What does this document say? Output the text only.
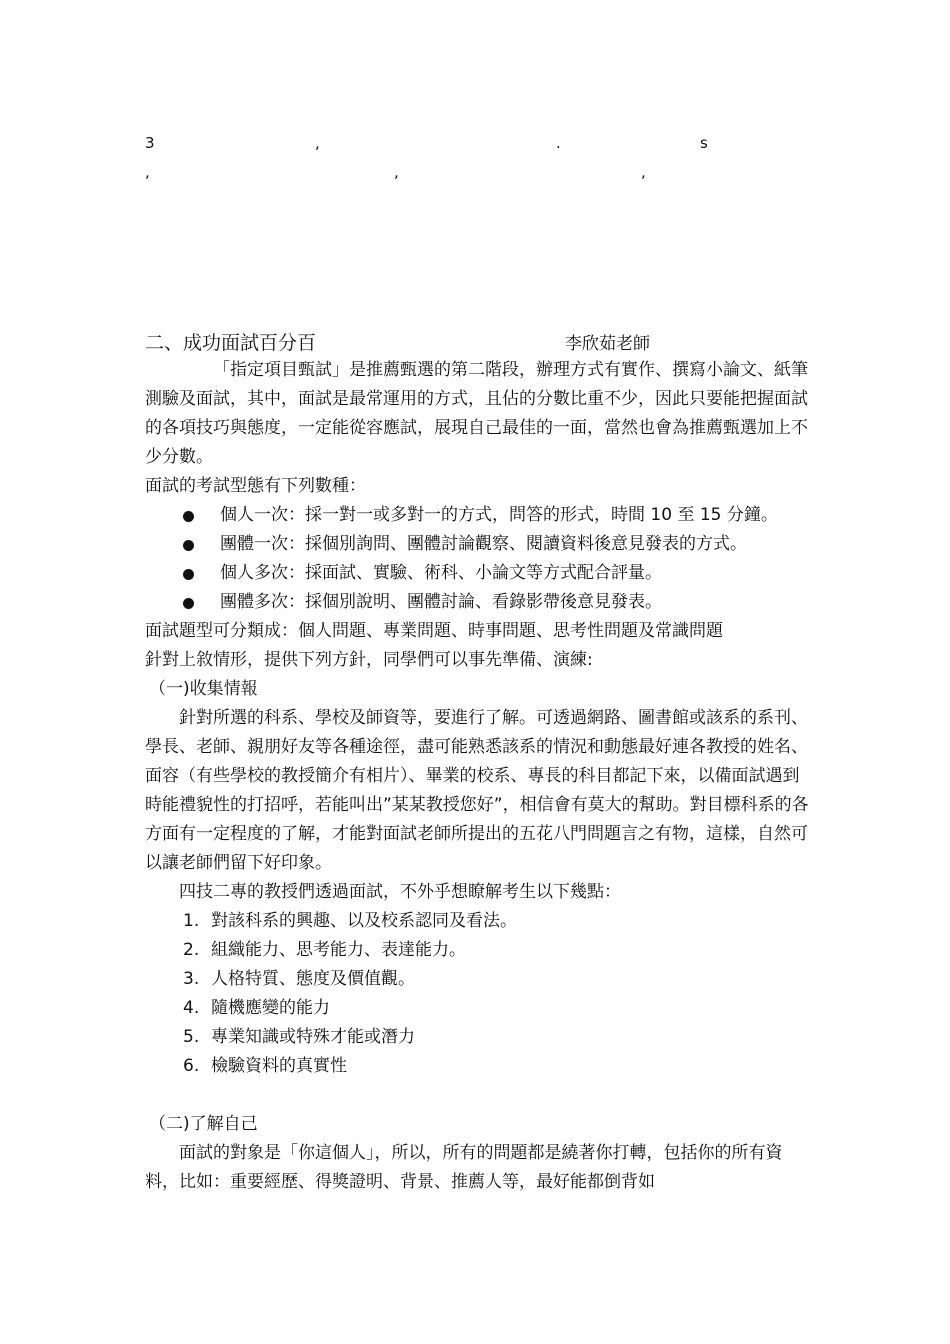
3	,	.	s
,	,	,
二、成功面試百分百	李欣茹老師
「指定項目甄試」是推薦甄選的第二階段，辦理方式有實作、撰寫小論文、紙筆測驗及面試，其中，面試是最常運用的方式，且佔的分數比重不少，因此只要能把握面試的各項技巧與態度，一定能從容應試，展現自己最佳的一面，當然也會為推薦甄選加上不少分數。
面試的考試型態有下列數種：
個人一次：採一對一或多對一的方式，問答的形式，時間 10 至 15 分鐘。
團體一次：採個別詢問、團體討論觀察、閱讀資料後意見發表的方式。
個人多次：採面試、實驗、術科、小論文等方式配合評量。
團體多次：採個別說明、團體討論、看錄影帶後意見發表。
面試題型可分類成：個人問題、專業問題、時事問題、思考性問題及常識問題
針對上敘情形，提供下列方針，同學們可以事先準備、演練:
（一)收集情報
針對所選的科系、學校及師資等，要進行了解。可透過網路、圖書館或該系的系刊、學長、老師、親朋好友等各種途徑，盡可能熟悉該系的情況和動態最好連各教授的姓名、面容（有些學校的教授簡介有相片）、畢業的校系、專長的科目都記下來，以備面試遇到時能禮貌性的打招呼，若能叫出”某某教授您好”，相信會有莫大的幫助。對目標科系的各方面有一定程度的了解，才能對面試老師所提出的五花八門問題言之有物，這樣，自然可以讓老師們留下好印象。
四技二專的教授們透過面試，不外乎想瞭解考生以下幾點：
1. 對該科系的興趣、以及校系認同及看法。
2. 組織能力、思考能力、表達能力。
3. 人格特質、態度及價值觀。
4. 隨機應變的能力
5. 專業知識或特殊才能或潛力
6. 檢驗資料的真實性
（二)了解自己
面試的對象是「你這個人」，所以，所有的問題都是繞著你打轉，包括你的所有資料，比如：重要經歷、得獎證明、背景、推薦人等，最好能都倒背如
